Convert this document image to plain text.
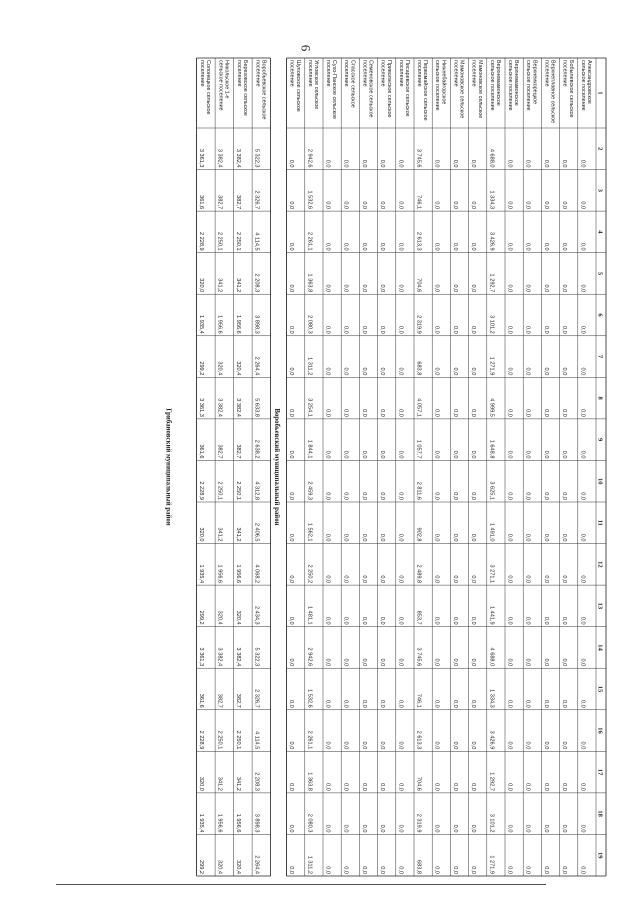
6
1
2
3
4
5
6
7
8
9
10
11
12
13
14
15
16
17
18
19
Александровское
сельское поселение
0,0
0,0
0,0
0,0
0,0
0,0
0,0
0,0
0,0
0,0
0,0
0,0
0,0
0,0
0,0
0,0
0,0
0,0
Бобылевское сельское
поселение
0,0
0,0
0,0
0,0
0,0
0,0
0,0
0,0
0,0
0,0
0,0
0,0
0,0
0,0
0,0
0,0
0,0
0,0
Верхнеплавное сельское
поселение
0,0
0,0
0,0
0,0
0,0
0,0
0,0
0,0
0,0
0,0
0,0
0,0
0,0
0,0
0,0
0,0
0,0
0,0
Верхнеикорецкое
сельское поселение
0,0
0,0
0,0
0,0
0,0
0,0
0,0
0,0
0,0
0,0
0,0
0,0
0,0
0,0
0,0
0,0
0,0
0,0
Верхнемамонское
сельское поселение
0,0
0,0
0,0
0,0
0,0
0,0
0,0
0,0
0,0
0,0
0,0
0,0
0,0
0,0
0,0
0,0
0,0
0,0
Верхнемамонское
сельское поселение
4 688,0
1 334,3
3 426,9
1 292,7
3 101,2
1 271,9
4 999,5
1 648,8
3 625,1
1 491,0
3 271,1
1 441,9
4 688,0
1 334,3
3 426,9
1 292,7
3 101,2
1 271,9
Мамоновское сельское
поселение
0,0
0,0
0,0
0,0
0,0
0,0
0,0
0,0
0,0
0,0
0,0
0,0
0,0
0,0
0,0
0,0
0,0
0,0
Мамоновское сельское
поселение
0,0
0,0
0,0
0,0
0,0
0,0
0,0
0,0
0,0
0,0
0,0
0,0
0,0
0,0
0,0
0,0
0,0
0,0
Нижнебайгорское
сельское поселение
0,0
0,0
0,0
0,0
0,0
0,0
0,0
0,0
0,0
0,0
0,0
0,0
0,0
0,0
0,0
0,0
0,0
0,0
Первомайское сельское
поселение
3 745,6
746,1
2 613,3
704,6
2 319,9
683,8
4 057,1
1 057,7
2 811,6
902,8
2 489,8
853,7
3 745,6
746,1
2 613,3
704,6
2 319,9
683,8
Писаревское сельское
поселение
0,0
0,0
0,0
0,0
0,0
0,0
0,0
0,0
0,0
0,0
0,0
0,0
0,0
0,0
0,0
0,0
0,0
0,0
Приволжское сельское
поселение
0,0
0,0
0,0
0,0
0,0
0,0
0,0
0,0
0,0
0,0
0,0
0,0
0,0
0,0
0,0
0,0
0,0
0,0
Семеновское сельское
поселение
0,0
0,0
0,0
0,0
0,0
0,0
0,0
0,0
0,0
0,0
0,0
0,0
0,0
0,0
0,0
0,0
0,0
0,0
Спасское сельское
поселение
0,0
0,0
0,0
0,0
0,0
0,0
0,0
0,0
0,0
0,0
0,0
0,0
0,0
0,0
0,0
0,0
0,0
0,0
Сухо-Панское сельское
поселение
0,0
0,0
0,0
0,0
0,0
0,0
0,0
0,0
0,0
0,0
0,0
0,0
0,0
0,0
0,0
0,0
0,0
0,0
Угловское сельское
поселение
2 942,6
1 532,6
2 261,1
1 363,8
2 080,3
1 311,2
3 254,1
1 844,1
2 459,3
1 562,1
2 250,2
1 481,1
2 942,6
1 532,6
2 261,1
1 363,8
2 080,3
1 311,2
Шуловское сельское
поселение
0,0
0,0
0,0
0,0
0,0
0,0
0,0
0,0
0,0
0,0
0,0
0,0
0,0
0,0
0,0
0,0
0,0
0,0
Воробьевский муниципальный район
Воробьевское сельское
поселение
5 322,3
2 326,7
4 114,5
2 208,3
3 898,3
2 264,4
5 633,8
2 638,2
4 312,8
2 406,5
4 068,2
2 434,3
5 322,3
2 326,7
4 114,5
2 208,3
3 898,3
2 264,4
Березовское сельское
поселение
3 382,4
382,7
2 250,1
341,2
1 956,6
320,4
3 382,4
382,7
2 250,1
341,2
1 956,6
320,4
3 382,4
382,7
2 250,1
341,2
1 956,6
320,4
Никольское 1-е
сельское поселение
3 382,4
382,7
2 250,1
341,2
1 956,6
320,4
3 382,4
382,7
2 250,1
341,2
1 956,6
320,4
3 382,4
382,7
2 250,1
341,2
1 956,6
320,4
Солонецкое сельское
поселение
3 361,3
361,6
2 228,9
320,0
1 935,4
299,2
3 361,3
361,6
2 228,9
320,0
1 935,4
299,2
3 361,3
361,6
2 228,9
320,0
1 935,4
299,2
Грибановский муниципальный район
